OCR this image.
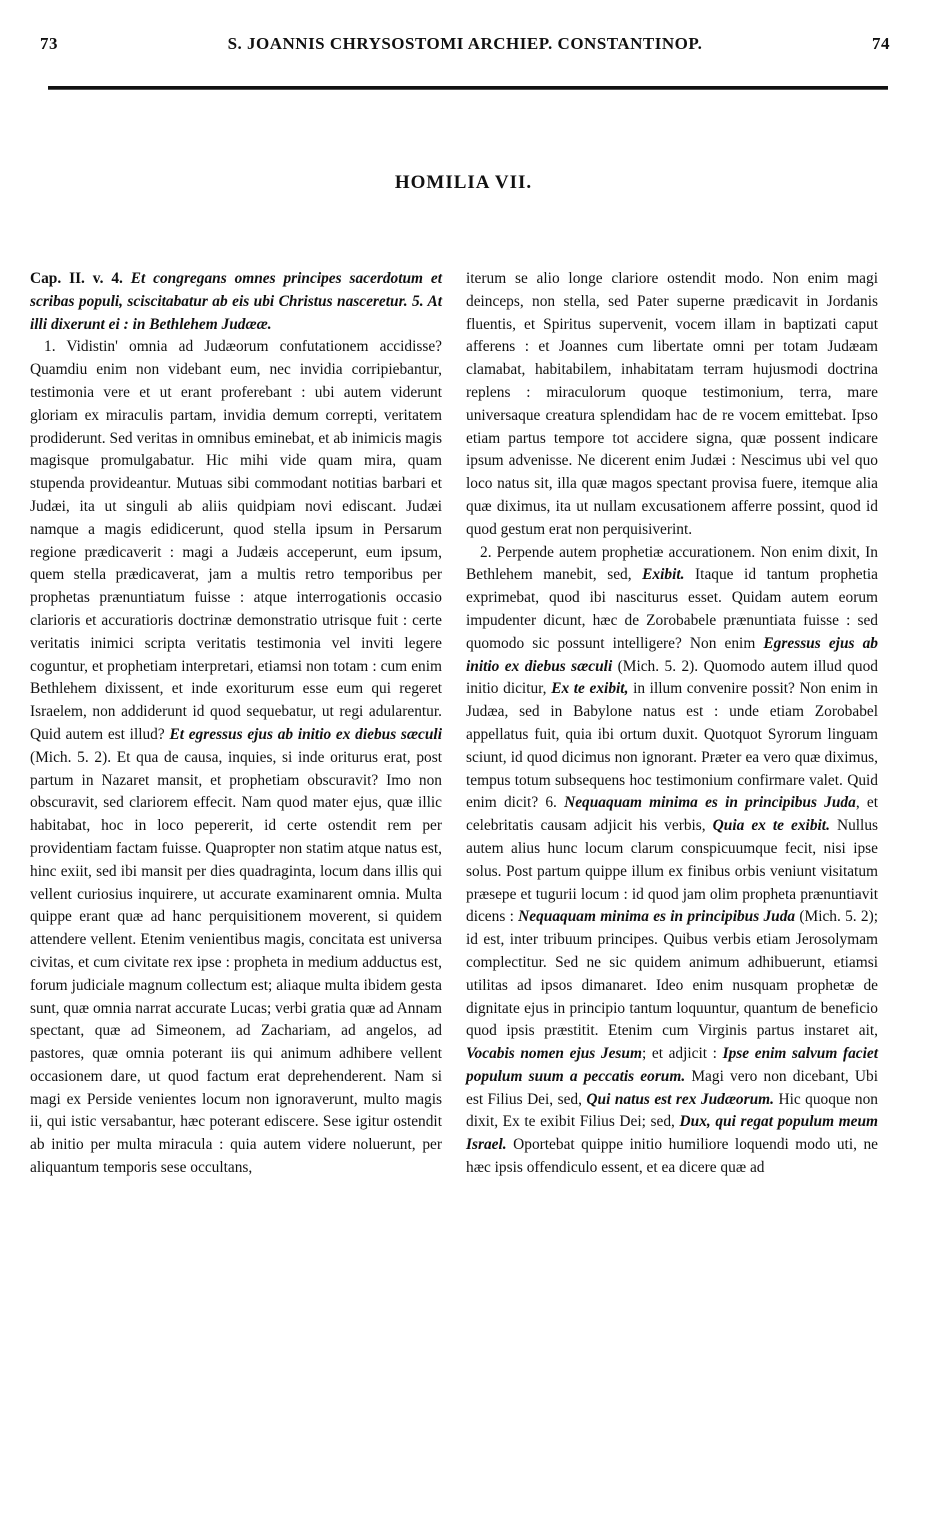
73	S. JOANNIS CHRYSOSTOMI ARCHIEP. CONSTANTINOP.	74
HOMILIA VII.

Cap. II. v. 4. Et congregans omnes principes sacerdotum et scribas populi, sciscitabatur ab eis ubi Christus nasceretur. 5. At illi dixerunt ei : in Bethlehem Judææ.

1. Vidistin' omnia ad Judæorum confutationem accidisse? Quamdiu enim non videbant eum, nec invidia corripiebantur, testimonia vere et ut erant proferebant : ubi autem viderunt gloriam ex miraculis partam, invidia demum correpti, veritatem prodiderunt. Sed veritas in omnibus eminebat, et ab inimicis magis magisque promulgabatur. Hic mihi vide quam mira, quam stupenda provideantur. Mutuas sibi commodant notitias barbari et Judæi, ita ut singuli ab aliis quidpiam novi ediscant. Judæi namque a magis edidicerunt, quod stella ipsum in Persarum regione prædicaverit : magi a Judæis acceperunt, eum ipsum, quem stella prædicaverat, jam a multis retro temporibus per prophetas prænuntiatum fuisse : atque interrogationis occasio clarioris et accuratioris doctrinæ demonstratio utrisque fuit : certe veritatis inimici scripta veritatis testimonia vel inviti legere coguntur, et prophetiam interpretari, etiamsi non totam : cum enim Bethlehem dixissent, et inde exoriturum esse eum qui regeret Israelem, non addiderunt id quod sequebatur, ut regi adularentur. Quid autem est illud? Et egressus ejus ab initio ex diebus sæculi (Mich. 5. 2). Et qua de causa, inquies, si inde oriturus erat, post partum in Nazaret mansit, et prophetiam obscuravit? Imo non obscuravit, sed clariorem effecit. Nam quod mater ejus, quæ illic habitabat, hoc in loco pepererit, id certe ostendit rem per providentiam factam fuisse. Quapropter non statim atque natus est, hinc exiit, sed ibi mansit per dies quadraginta, locum dans illis qui vellent curiosius inquirere, ut accurate examinarent omnia. Multa quippe erant quæ ad hanc perquisitionem moverent, si quidem attendere vellent. Etenim venientibus magis, concitata est universa civitas, et cum civitate rex ipse : propheta in medium adductus est, forum judiciale magnum collectum est; aliaque multa ibidem gesta sunt, quæ omnia narrat accurate Lucas; verbi gratia quæ ad Annam spectant, quæ ad Simeonem, ad Zachariam, ad angelos, ad pastores, quæ omnia poterant iis qui animum adhibere vellent occasionem dare, ut quod factum erat deprehenderent. Nam si magi ex Perside venientes locum non ignoraverunt, multo magis ii, qui istic versabantur, hæc poterant ediscere. Sese igitur ostendit ab initio per multa miracula : quia autem videre noluerunt, per aliquantum temporis sese occultans,

iterum se alio longe clariore ostendit modo. Non enim magi deinceps, non stella, sed Pater superne prædicavit in Jordanis fluentis, et Spiritus supervenit, vocem illam in baptizati caput afferens : et Joannes cum libertate omni per totam Judæam clamabat, habitabilem, inhabitatam terram hujusmodi doctrina replens : miraculorum quoque testimonium, terra, mare universaque creatura splendidam hac de re vocem emittebat. Ipso etiam partus tempore tot accidere signa, quæ possent indicare ipsum advenisse. Ne dicerent enim Judæi : Nescimus ubi vel quo loco natus sit, illa quæ magos spectant provisa fuere, itemque alia quæ diximus, ita ut nullam excusationem afferre possint, quod id quod gestum erat non perquisiverint.

2. Perpende autem prophetiæ accurationem. Non enim dixit, In Bethlehem manebit, sed, Exibit. Itaque id tantum prophetia exprimebat, quod ibi nasciturus esset. Quidam autem eorum impudenter dicunt, hæc de Zorobabele prænuntiata fuisse : sed quomodo sic possunt intelligere? Non enim Egressus ejus ab initio ex diebus sæculi (Mich. 5. 2). Quomodo autem illud quod initio dicitur, Ex te exibit, in illum convenire possit? Non enim in Judæa, sed in Babylone natus est : unde etiam Zorobabel appellatus fuit, quia ibi ortum duxit. Quotquot Syrorum linguam sciunt, id quod dicimus non ignorant. Præter ea vero quæ diximus, tempus totum subsequens hoc testimonium confirmare valet. Quid enim dicit? 6. Nequaquam minima es in principibus Juda, et celebritatis causam adjicit his verbis, Quia ex te exibit. Nullus autem alius hunc locum clarum conspicuumque fecit, nisi ipse solus. Post partum quippe illum ex finibus orbis veniunt visitatum præsepe et tugurii locum : id quod jam olim propheta prænuntiavit dicens : Nequaquam minima es in principibus Juda (Mich. 5. 2); id est, inter tribuum principes. Quibus verbis etiam Jerosolymam complectitur. Sed ne sic quidem animum adhibuerunt, etiamsi utilitas ad ipsos dimanaret. Ideo enim nusquam prophetæ de dignitate ejus in principio tantum loquuntur, quantum de beneficio quod ipsis præstitit. Etenim cum Virginis partus instaret ait, Vocabis nomen ejus Jesum; et adjicit : Ipse enim salvum faciet populum suum a peccatis eorum. Magi vero non dicebant, Ubi est Filius Dei, sed, Qui natus est rex Judæorum. Hic quoque non dixit, Ex te exibit Filius Dei; sed, Dux, qui regat populum meum Israel. Oportebat quippe initio humiliore loquendi modo uti, ne hæc ipsis offendiculo essent, et ea dicere quæ ad
